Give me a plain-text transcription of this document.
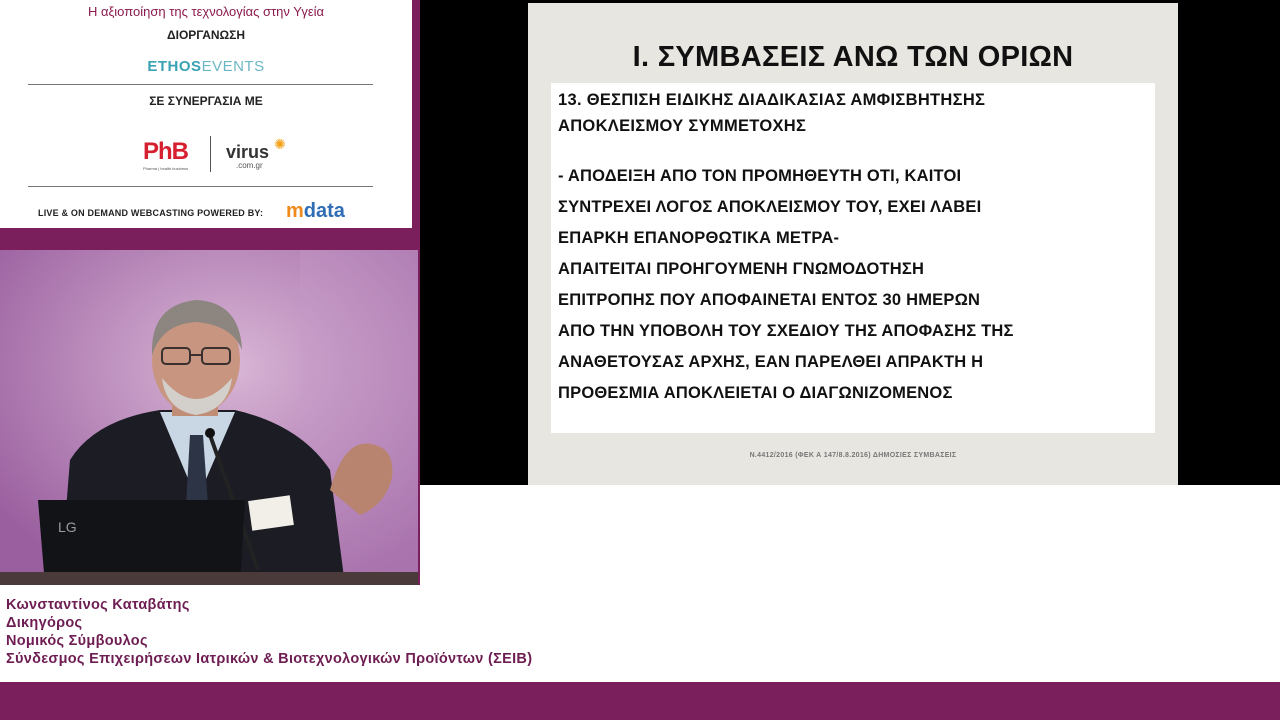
Η αξιοποίηση της τεχνολογίας στην Υγεία
ΔΙΟΡΓΑΝΩΣΗ
ETHOSEVENTS
ΣΕ ΣΥΝΕΡΓΑΣΙΑ ΜΕ
PhB
Pharma | health business
virus
.com.gr
✺
LIVE & ON DEMAND WEBCASTING POWERED BY: mdata
LG
Ι. ΣΥΜΒΑΣΕΙΣ ΑΝΩ ΤΩΝ ΟΡΙΩΝ
13. ΘΕΣΠΙΣΗ ΕΙΔΙΚΗΣ ΔΙΑΔΙΚΑΣΙΑΣ ΑΜΦΙΣΒΗΤΗΣΗΣ
ΑΠΟΚΛΕΙΣΜΟΥ ΣΥΜΜΕΤΟΧΗΣ
- ΑΠΟΔΕΙΞΗ ΑΠΟ ΤΟΝ ΠΡΟΜΗΘΕΥΤΗ ΟΤΙ, ΚΑΙΤΟΙ
ΣΥΝΤΡΕΧΕΙ ΛΟΓΟΣ ΑΠΟΚΛΕΙΣΜΟΥ ΤΟΥ, ΕΧΕΙ ΛΑΒΕΙ
ΕΠΑΡΚΗ ΕΠΑΝΟΡΘΩΤΙΚΑ ΜΕΤΡΑ-
ΑΠΑΙΤΕΙΤΑΙ ΠΡΟΗΓΟΥΜΕΝΗ ΓΝΩΜΟΔΟΤΗΣΗ
ΕΠΙΤΡΟΠΗΣ ΠΟΥ ΑΠΟΦΑΙΝΕΤΑΙ ΕΝΤΟΣ 30 ΗΜΕΡΩΝ
ΑΠΟ ΤΗΝ ΥΠΟΒΟΛΗ ΤΟΥ ΣΧΕΔΙΟΥ ΤΗΣ ΑΠΟΦΑΣΗΣ ΤΗΣ
ΑΝΑΘΕΤΟΥΣΑΣ ΑΡΧΗΣ, ΕΑΝ ΠΑΡΕΛΘΕΙ ΑΠΡΑΚΤΗ Η
ΠΡΟΘΕΣΜΙΑ ΑΠΟΚΛΕΙΕΤΑΙ Ο ΔΙΑΓΩΝΙΖΟΜΕΝΟΣ
Ν.4412/2016 (ΦΕΚ Α 147/8.8.2016) ΔΗΜΟΣΙΕΣ ΣΥΜΒΑΣΕΙΣ
Κωνσταντίνος Καταβάτης
Δικηγόρος
Νομικός Σύμβουλος
Σύνδεσμος Επιχειρήσεων Ιατρικών & Βιοτεχνολογικών Προϊόντων (ΣΕΙΒ)
